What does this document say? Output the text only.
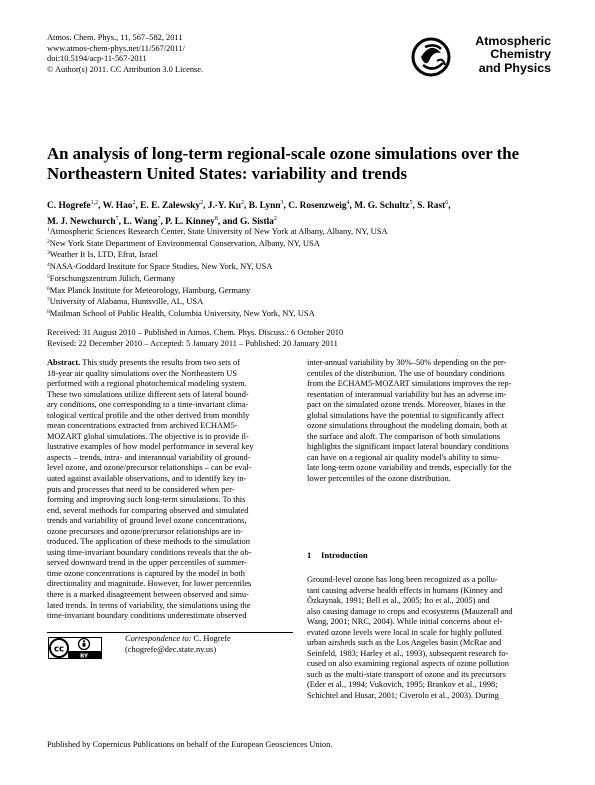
Atmos. Chem. Phys., 11, 567–582, 2011
www.atmos-chem-phys.net/11/567/2011/
doi:10.5194/acp-11-567-2011
© Author(s) 2011. CC Attribution 3.0 License.
Atmospheric
Chemistry
and Physics
An analysis of long-term regional-scale ozone simulations over the Northeastern United States: variability and trends
C. Hogrefe$^{1,2}$, W. Hao$^2$, E. E. Zalewsky$^2$, J.-Y. Ku$^2$, B. Lynn$^3$, C. Rosenzweig$^4$, M. G. Schultz$^5$, S. Rast$^6$,
M. J. Newchurch$^7$, L. Wang$^7$, P. L. Kinney$^8$, and G. Sistla$^2$
$^1$Atmospheric Sciences Research Center, State University of New York at Albany, Albany, NY, USA
$^2$New York State Department of Environmental Conservation, Albany, NY, USA
$^3$Weather It Is, LTD, Efrat, Israel
$^4$NASA-Goddard Institute for Space Studies, New York, NY, USA
$^5$Forschungszentrum Jülich, Germany
$^6$Max Planck Institute for Meteorology, Hamburg, Germany
$^7$University of Alabama, Huntsville, AL, USA
$^8$Mailman School of Public Health, Columbia University, New York, NY, USA
Received: 31 August 2010 – Published in Atmos. Chem. Phys. Discuss.: 6 October 2010
Revised: 22 December 2010 – Accepted: 5 January 2011 – Published: 20 January 2011
Abstract. This study presents the results from two sets of
18-year air quality simulations over the Northeastern US
performed with a regional photochemical modeling system.
These two simulations utilize different sets of lateral bound-
ary conditions, one corresponding to a time-invariant clima-
tological vertical profile and the other derived from monthly
mean concentrations extracted from archived ECHAM5-
MOZART global simulations. The objective is to provide il-
lustrative examples of how model performance in several key
aspects – trends, intra- and interannual variability of ground-
level ozone, and ozone/precursor relationships – can be eval-
uated against available observations, and to identify key in-
puts and processes that need to be considered when per-
forming and improving such long-term simulations. To this
end, several methods for comparing observed and simulated
trends and variability of ground level ozone concentrations,
ozone precursors and ozone/precursor relationships are in-
troduced. The application of these methods to the simulation
using time-invariant boundary conditions reveals that the ob-
served downward trend in the upper percentiles of summer-
time ozone concentrations is captured by the model in both
directionality and magnitude. However, for lower percentiles
there is a marked disagreement between observed and simu-
lated trends. In terms of variability, the simulations using the
time-invariant boundary conditions underestimate observed
inter-annual variability by 30%–50% depending on the per-
centiles of the distribution. The use of boundary conditions
from the ECHAM5-MOZART simulations improves the rep-
resentation of interannual variability but has an adverse im-
pact on the simulated ozone trends. Moreover, biases in the
global simulations have the potential to significantly affect
ozone simulations throughout the modeling domain, both at
the surface and aloft. The comparison of both simulations
highlights the significant impact lateral boundary conditions
can have on a regional air quality model's ability to simu-
late long-term ozone variability and trends, especially for the
lower percentiles of the ozone distribution.
1 Introduction
Ground-level ozone has long been recognized as a pollu-
tant causing adverse health effects in humans (Kinney and
Özkaynak, 1991; Bell et al., 2005; Ito et al., 2005) and
also causing damage to crops and ecosystems (Mauzerall and
Wang, 2001; NRC, 2004). While initial concerns about el-
evated ozone levels were local in scale for highly polluted
urban airsheds such as the Los Angeles basin (McRae and
Seinfeld, 1983; Harley et al., 1993), subsequent research fo-
cused on also examining regional aspects of ozone pollution
such as the multi-state transport of ozone and its precursors
(Eder et al., 1994; Vukovich, 1995; Brankov et al., 1998;
Schichtel and Husar, 2001; Civerolo et al., 2003). During
cc
BY
Correspondence to: C. Hogrefe
(chogrefe@dec.state.ny.us)
Published by Copernicus Publications on behalf of the European Geosciences Union.
